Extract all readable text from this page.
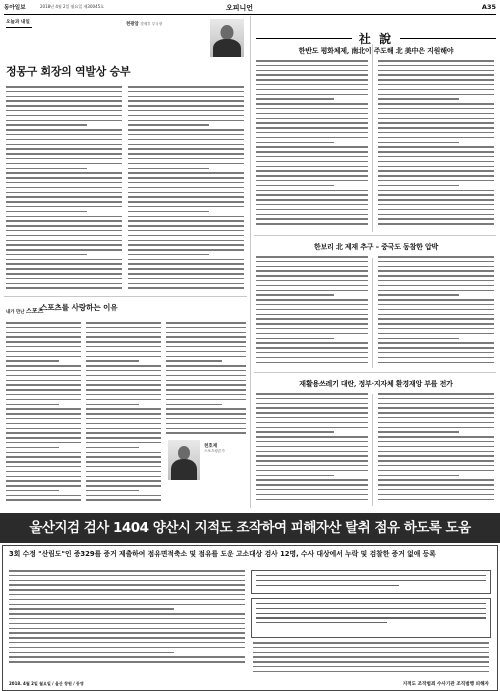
동아일보	2018년 4월 2일 월요일 제30045호	오피니언	A35
오늘과 내일	천광암 경제부 부국장
정몽구 회장의 역발상 승부
社 說
한반도 평화체제, 南北이 주도해 北 美中은 지원해야
한보리 北 제재 추구 – 중국도 동참한 압박
재활용쓰레기 대란, 정부·지자체 환경재앙 부를 전가
내가 만난 스포츠
스포츠를 사랑하는 이유
천호재
스포츠평론가
울산지검 검사 1404 양산시 지적도 조작하여 피해자산 탈취 점유 하도록 도움
3회 수정 "산림도"인 증329를 증거 제출하여 점유면적축소 및 점유를 도운 고소대상 검사 12명, 수사 대상에서 누락 및 검찰한 증거 없애 등록
2018. 4월 2일 월요일 / 울산 창원 / 동영	지적도 조작범죄 수사기관 조직범행 피해자
